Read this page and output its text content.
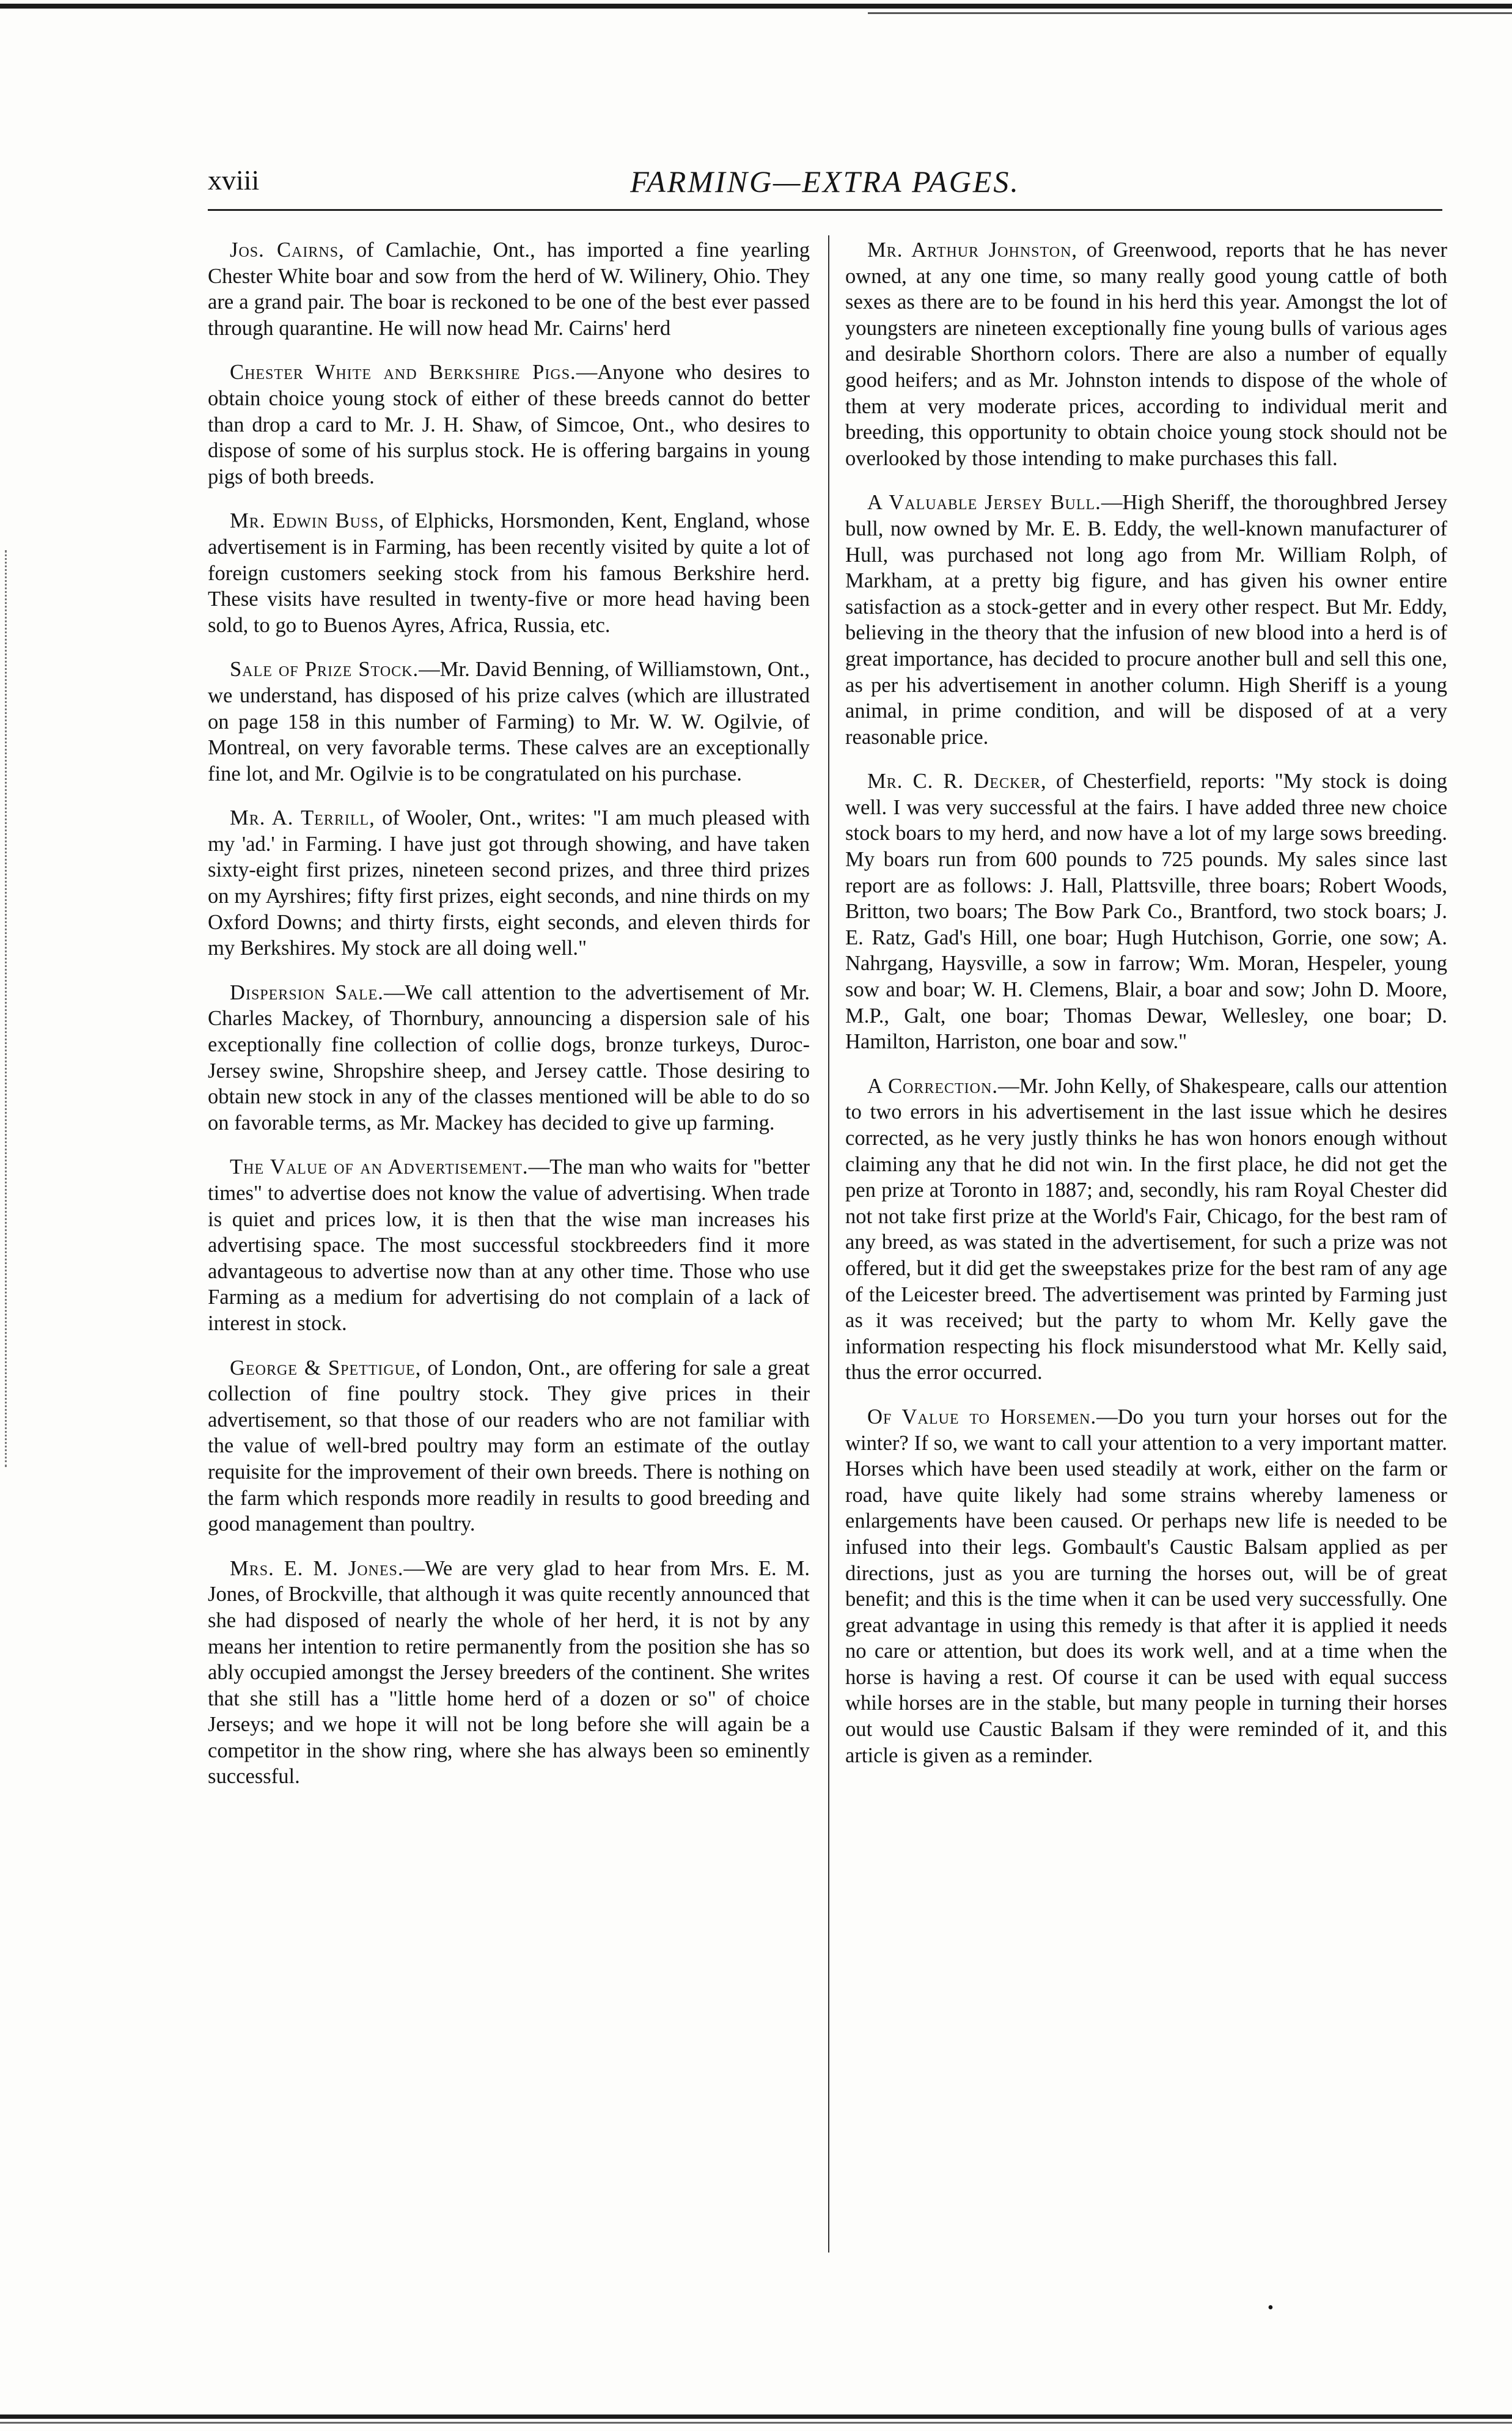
xviii	FARMING—EXTRA PAGES.

Jos. Cairns, of Camlachie, Ont., has imported a fine yearling Chester White boar and sow from the herd of W. Wilinery, Ohio. They are a grand pair. The boar is reckoned to be one of the best ever passed through quarantine. He will now head Mr. Cairns' herd

Chester White and Berkshire Pigs.—Anyone who desires to obtain choice young stock of either of these breeds cannot do better than drop a card to Mr. J. H. Shaw, of Simcoe, Ont., who desires to dispose of some of his surplus stock. He is offering bargains in young pigs of both breeds.

Mr. Edwin Buss, of Elphicks, Horsmonden, Kent, England, whose advertisement is in Farming, has been recently visited by quite a lot of foreign customers seeking stock from his famous Berkshire herd. These visits have resulted in twenty-five or more head having been sold, to go to Buenos Ayres, Africa, Russia, etc.

Sale of Prize Stock.—Mr. David Benning, of Williamstown, Ont., we understand, has disposed of his prize calves (which are illustrated on page 158 in this number of Farming) to Mr. W. W. Ogilvie, of Montreal, on very favorable terms. These calves are an exceptionally fine lot, and Mr. Ogilvie is to be congratulated on his purchase.

Mr. A. Terrill, of Wooler, Ont., writes: "I am much pleased with my 'ad.' in Farming. I have just got through showing, and have taken sixty-eight first prizes, nineteen second prizes, and three third prizes on my Ayrshires; fifty first prizes, eight seconds, and nine thirds on my Oxford Downs; and thirty firsts, eight seconds, and eleven thirds for my Berkshires. My stock are all doing well."

Dispersion Sale.—We call attention to the advertisement of Mr. Charles Mackey, of Thornbury, announcing a dispersion sale of his exceptionally fine collection of collie dogs, bronze turkeys, Duroc-Jersey swine, Shropshire sheep, and Jersey cattle. Those desiring to obtain new stock in any of the classes mentioned will be able to do so on favorable terms, as Mr. Mackey has decided to give up farming.

The Value of an Advertisement.—The man who waits for "better times" to advertise does not know the value of advertising. When trade is quiet and prices low, it is then that the wise man increases his advertising space. The most successful stockbreeders find it more advantageous to advertise now than at any other time. Those who use Farming as a medium for advertising do not complain of a lack of interest in stock.

George & Spettigue, of London, Ont., are offering for sale a great collection of fine poultry stock. They give prices in their advertisement, so that those of our readers who are not familiar with the value of well-bred poultry may form an estimate of the outlay requisite for the improvement of their own breeds. There is nothing on the farm which responds more readily in results to good breeding and good management than poultry.

Mrs. E. M. Jones.—We are very glad to hear from Mrs. E. M. Jones, of Brockville, that although it was quite recently announced that she had disposed of nearly the whole of her herd, it is not by any means her intention to retire permanently from the position she has so ably occupied amongst the Jersey breeders of the continent. She writes that she still has a "little home herd of a dozen or so" of choice Jerseys; and we hope it will not be long before she will again be a competitor in the show ring, where she has always been so eminently successful.

Mr. Arthur Johnston, of Greenwood, reports that he has never owned, at any one time, so many really good young cattle of both sexes as there are to be found in his herd this year. Amongst the lot of youngsters are nineteen exceptionally fine young bulls of various ages and desirable Shorthorn colors. There are also a number of equally good heifers; and as Mr. Johnston intends to dispose of the whole of them at very moderate prices, according to individual merit and breeding, this opportunity to obtain choice young stock should not be overlooked by those intending to make purchases this fall.

A Valuable Jersey Bull.—High Sheriff, the thoroughbred Jersey bull, now owned by Mr. E. B. Eddy, the well-known manufacturer of Hull, was purchased not long ago from Mr. William Rolph, of Markham, at a pretty big figure, and has given his owner entire satisfaction as a stock-getter and in every other respect. But Mr. Eddy, believing in the theory that the infusion of new blood into a herd is of great importance, has decided to procure another bull and sell this one, as per his advertisement in another column. High Sheriff is a young animal, in prime condition, and will be disposed of at a very reasonable price.

Mr. C. R. Decker, of Chesterfield, reports: "My stock is doing well. I was very successful at the fairs. I have added three new choice stock boars to my herd, and now have a lot of my large sows breeding. My boars run from 600 pounds to 725 pounds. My sales since last report are as follows: J. Hall, Plattsville, three boars; Robert Woods, Britton, two boars; The Bow Park Co., Brantford, two stock boars; J. E. Ratz, Gad's Hill, one boar; Hugh Hutchison, Gorrie, one sow; A. Nahrgang, Haysville, a sow in farrow; Wm. Moran, Hespeler, young sow and boar; W. H. Clemens, Blair, a boar and sow; John D. Moore, M.P., Galt, one boar; Thomas Dewar, Wellesley, one boar; D. Hamilton, Harriston, one boar and sow."

A Correction.—Mr. John Kelly, of Shakespeare, calls our attention to two errors in his advertisement in the last issue which he desires corrected, as he very justly thinks he has won honors enough without claiming any that he did not win. In the first place, he did not get the pen prize at Toronto in 1887; and, secondly, his ram Royal Chester did not not take first prize at the World's Fair, Chicago, for the best ram of any breed, as was stated in the advertisement, for such a prize was not offered, but it did get the sweepstakes prize for the best ram of any age of the Leicester breed. The advertisement was printed by Farming just as it was received; but the party to whom Mr. Kelly gave the information respecting his flock misunderstood what Mr. Kelly said, thus the error occurred.

Of Value to Horsemen.—Do you turn your horses out for the winter? If so, we want to call your attention to a very important matter. Horses which have been used steadily at work, either on the farm or road, have quite likely had some strains whereby lameness or enlargements have been caused. Or perhaps new life is needed to be infused into their legs. Gombault's Caustic Balsam applied as per directions, just as you are turning the horses out, will be of great benefit; and this is the time when it can be used very successfully. One great advantage in using this remedy is that after it is applied it needs no care or attention, but does its work well, and at a time when the horse is having a rest. Of course it can be used with equal success while horses are in the stable, but many people in turning their horses out would use Caustic Balsam if they were reminded of it, and this article is given as a reminder.

•
